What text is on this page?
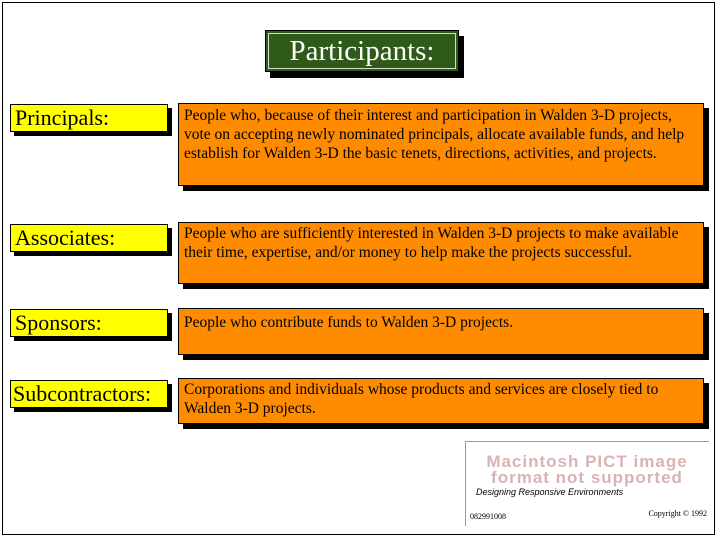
Participants:
Principals:	People who, because of their interest and participation in Walden 3-D projects, vote on accepting newly nominated principals, allocate available funds, and help establish for Walden 3-D the basic tenets, directions, activities, and projects.
Associates:	People who are sufficiently interested in Walden 3-D projects to make available their time, expertise, and/or money to help make the projects successful.
Sponsors:	People who contribute funds to Walden 3-D projects.
Subcontractors:	Corporations and individuals whose products and services are closely tied to Walden 3-D projects.
Macintosh PICT image format not supported
Designing Responsive Environments
082991008	Copyright © 1992
